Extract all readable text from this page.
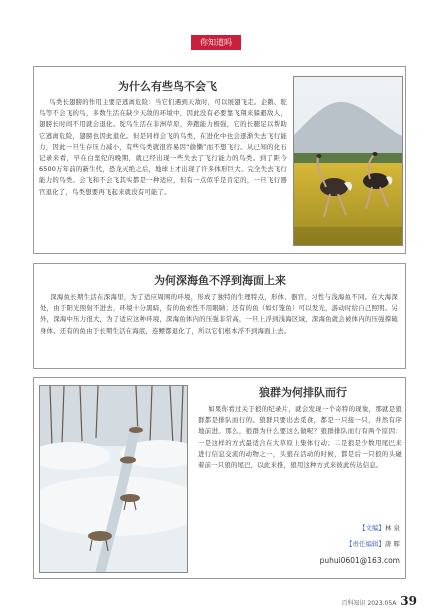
你知道吗
为什么有些鸟不会飞
鸟类长翅膀的作用主要是逃离危险：当它们遇到天敌时，可以展翅飞走。企鹅、鸵鸟等不会飞的鸟，多数生活在缺少天敌的环境中，因此没有必要靠飞翔来躲避敌人，翅膀长时间不用就会退化。鸵鸟生活在非洲草原，奔跑能力极强，它的长腿足以帮助它逃离危险，翅膀也因此退化。但是同样会飞的鸟类，在进化中也会逐渐失去飞行能力，因此一旦生存压力减小，有些鸟类就很容易因“偷懒”而不想飞行。从已知的化石记录来看，早在白垩纪的晚期，就已经出现一些失去了飞行能力的鸟类。到了距今6500万年前的新生代，恐龙灭绝之后，地球上才出现了许多体形巨大、完全失去飞行能力的鸟类。会飞和不会飞其实都是一种适应，但有一点似乎是肯定的，一旦飞行器官退化了，鸟类想要再飞起来就没有可能了。
为何深海鱼不浮到海面上来
深海鱼长期生活在深海里，为了适应周围的环境，形成了独特的生理特点，形体、器官、习性与浅海鱼不同。在大海深处，由于阳光照射不进去，环境十分黑暗，有的鱼索性不用眼睛；还有的鱼（如灯笼鱼）可以发光，游动时给自己照明。另外，深海中压力很大，为了适应这种环境，深海鱼体内的压强非常高，一旦上浮到浅海区域，深海鱼就会被体内的压强撑破身体。还有的鱼由于长期生活在海底，连鳔都退化了，所以它们根本浮不到海面上去。
狼群为何排队而行
如果你看过关于狼的纪录片，就会发现一个奇特的现象，那就是狼群都是排队而行的。狼群只要出去觅食，都是一只接一只，井然有序地前进。那么，狼群为什么要这么做呢？狼群排队而行有两个原因：一是这样的方式最适合在大草原上集体行动；二是狼是少数用尾巴来进行信息交流的动物之一，头狼在活动的时候，都是后一只狼的头碰着前一只狼的尾巴，以此来推，狼用这种方式来彼此传达信息。
【文编】林 泉
【责任编辑】唐 晖
puhui0601@163.com
百科知识 2023.05A 39
